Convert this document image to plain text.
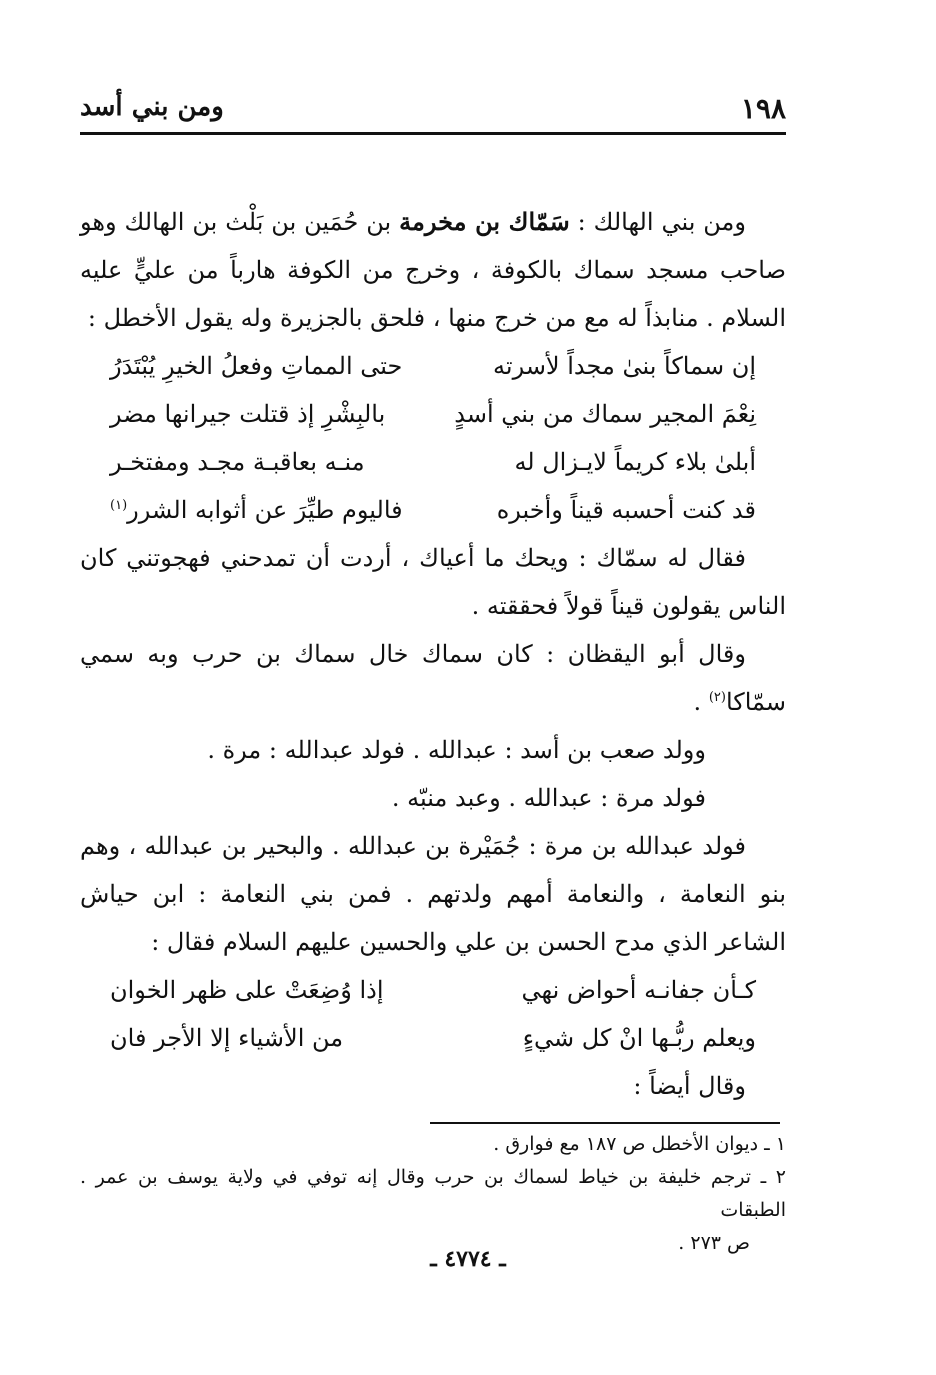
١٩٨
ومن بني أسد

ومن بني الهالك : سَمّاك بن مخرمة بن حُمَين بن بَلْث بن الهالك وهو صاحب مسجد سماك بالكوفة ، وخرج من الكوفة هارباً من عليٍّ عليه السلام . منابذاً له مع من خرج منها ، فلحق بالجزيرة وله يقول الأخطل :

إن سماكاً بنىٰ مجداً لأسرته
حتى المماتِ وفعلُ الخيرِ يُبْتَدَرُ
نِعْمَ المجير سماك من بني أسدٍ
بالبِشْرِ إذ قتلت جيرانها مضر
أبلىٰ بلاء كريماً لايـزال له
منـه بعاقبـة مجـد ومفتخـر
قد كنت أحسبه قيناً وأخبره
فاليوم طيِّرَ عن أثوابه الشرر$^{(١)}$

فقال له سمّاك : ويحك ما أعياك ، أردت أن تمدحني فهجوتني كان الناس يقولون قيناً قولاً فحققته .

وقال أبو اليقظان : كان سماك خال سماك بن حرب وبه سمي سمّاكا$^{(٢)}$ .

وولد صعب بن أسد : عبدالله . فولد عبدالله : مرة .

فولد مرة : عبدالله . وعبد منبّه .

فولد عبدالله بن مرة : جُمَيْرة بن عبدالله . والبحير بن عبدالله ، وهم بنو النعامة ، والنعامة أمهم ولدتهم . فمن بني النعامة : ابن حياش الشاعر الذي مدح الحسن بن علي والحسين عليهم السلام فقال :

كـأن جفانـه أحواض نهي
إذا وُضِعَتْ على ظهر الخوان
ويعلم ربُّـها انْ كل شيءٍ
من الأشياء إلا الأجر فان

وقال أيضاً :

١ ـ ديوان الأخطل ص ١٨٧ مع فوارق .

٢ ـ ترجم خليفة بن خياط لسماك بن حرب وقال إنه توفي في ولاية يوسف بن عمر . الطبقات

ص ٢٧٣ .

ـ ٤٧٧٤ ـ
